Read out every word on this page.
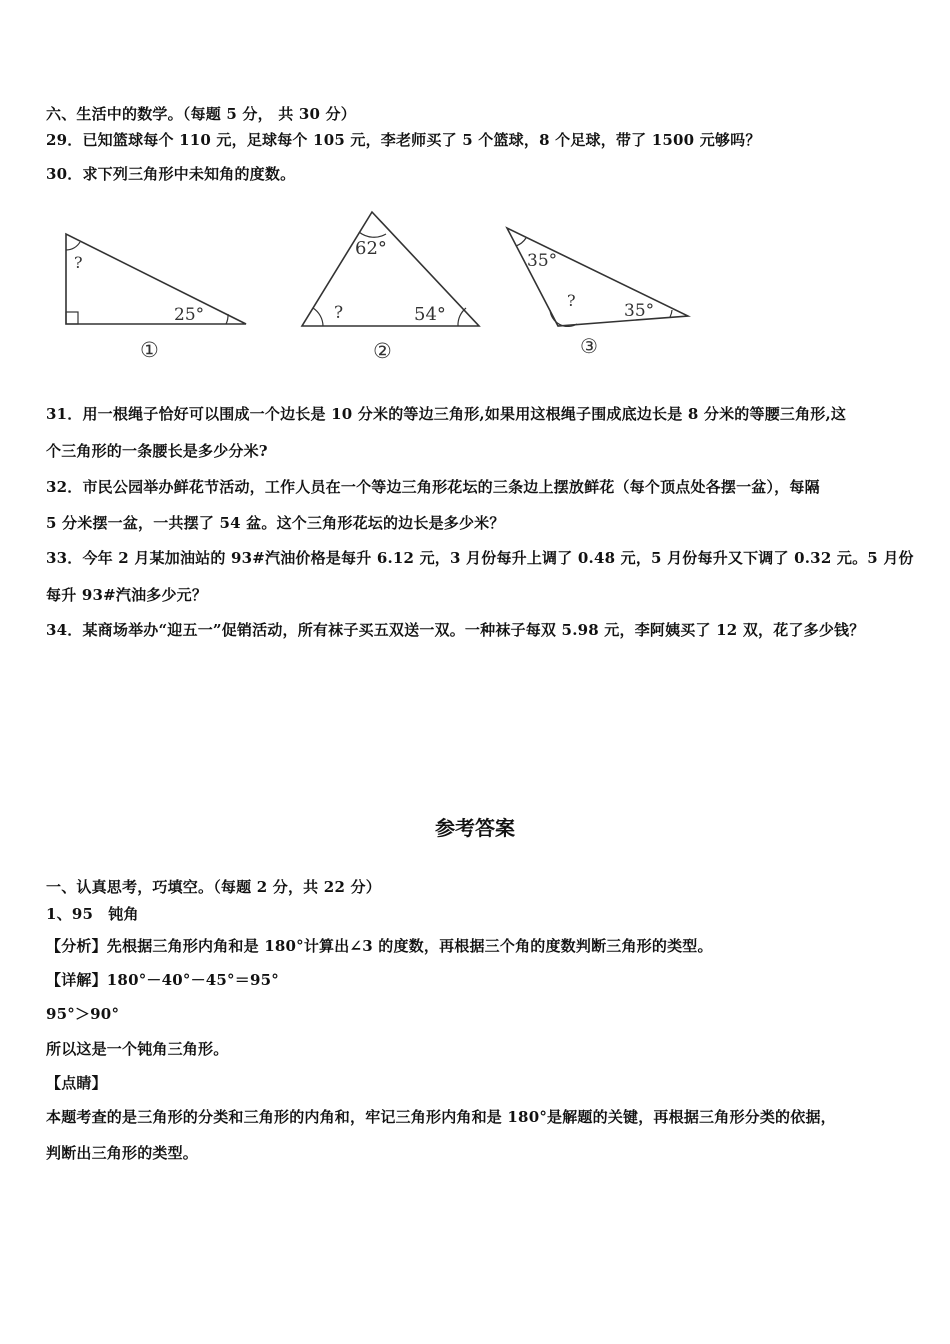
六、生活中的数学。（每题 5 分， 共 30 分）
29．已知篮球每个 110 元，足球每个 105 元，李老师买了 5 个篮球，8 个足球，带了 1500 元够吗？
30．求下列三角形中未知角的度数。
?
25°
①
62°
?	54°
②
35°
?
35°
③
31．用一根绳子恰好可以围成一个边长是 10 分米的等边三角形,如果用这根绳子围成底边长是 8 分米的等腰三角形,这
个三角形的一条腰长是多少分米?
32．市民公园举办鲜花节活动，工作人员在一个等边三角形花坛的三条边上摆放鲜花（每个顶点处各摆一盆），每隔
5 分米摆一盆，一共摆了 54 盆。这个三角形花坛的边长是多少米？
33．今年 2 月某加油站的 93#汽油价格是每升 6.12 元，3 月份每升上调了 0.48 元，5 月份每升又下调了 0.32 元。5 月份
每升 93#汽油多少元？
34．某商场举办“迎五一”促销活动，所有袜子买五双送一双。一种袜子每双 5.98 元，李阿姨买了 12 双，花了多少钱？
参考答案
一、认真思考，巧填空。（每题 2 分，共 22 分）
1、95　钝角
【分析】先根据三角形内角和是 180°计算出∠3 的度数，再根据三个角的度数判断三角形的类型。
【详解】180°－40°－45°＝95°
95°＞90°
所以这是一个钝角三角形。
【点睛】
本题考查的是三角形的分类和三角形的内角和，牢记三角形内角和是 180°是解题的关键，再根据三角形分类的依据，
判断出三角形的类型。
